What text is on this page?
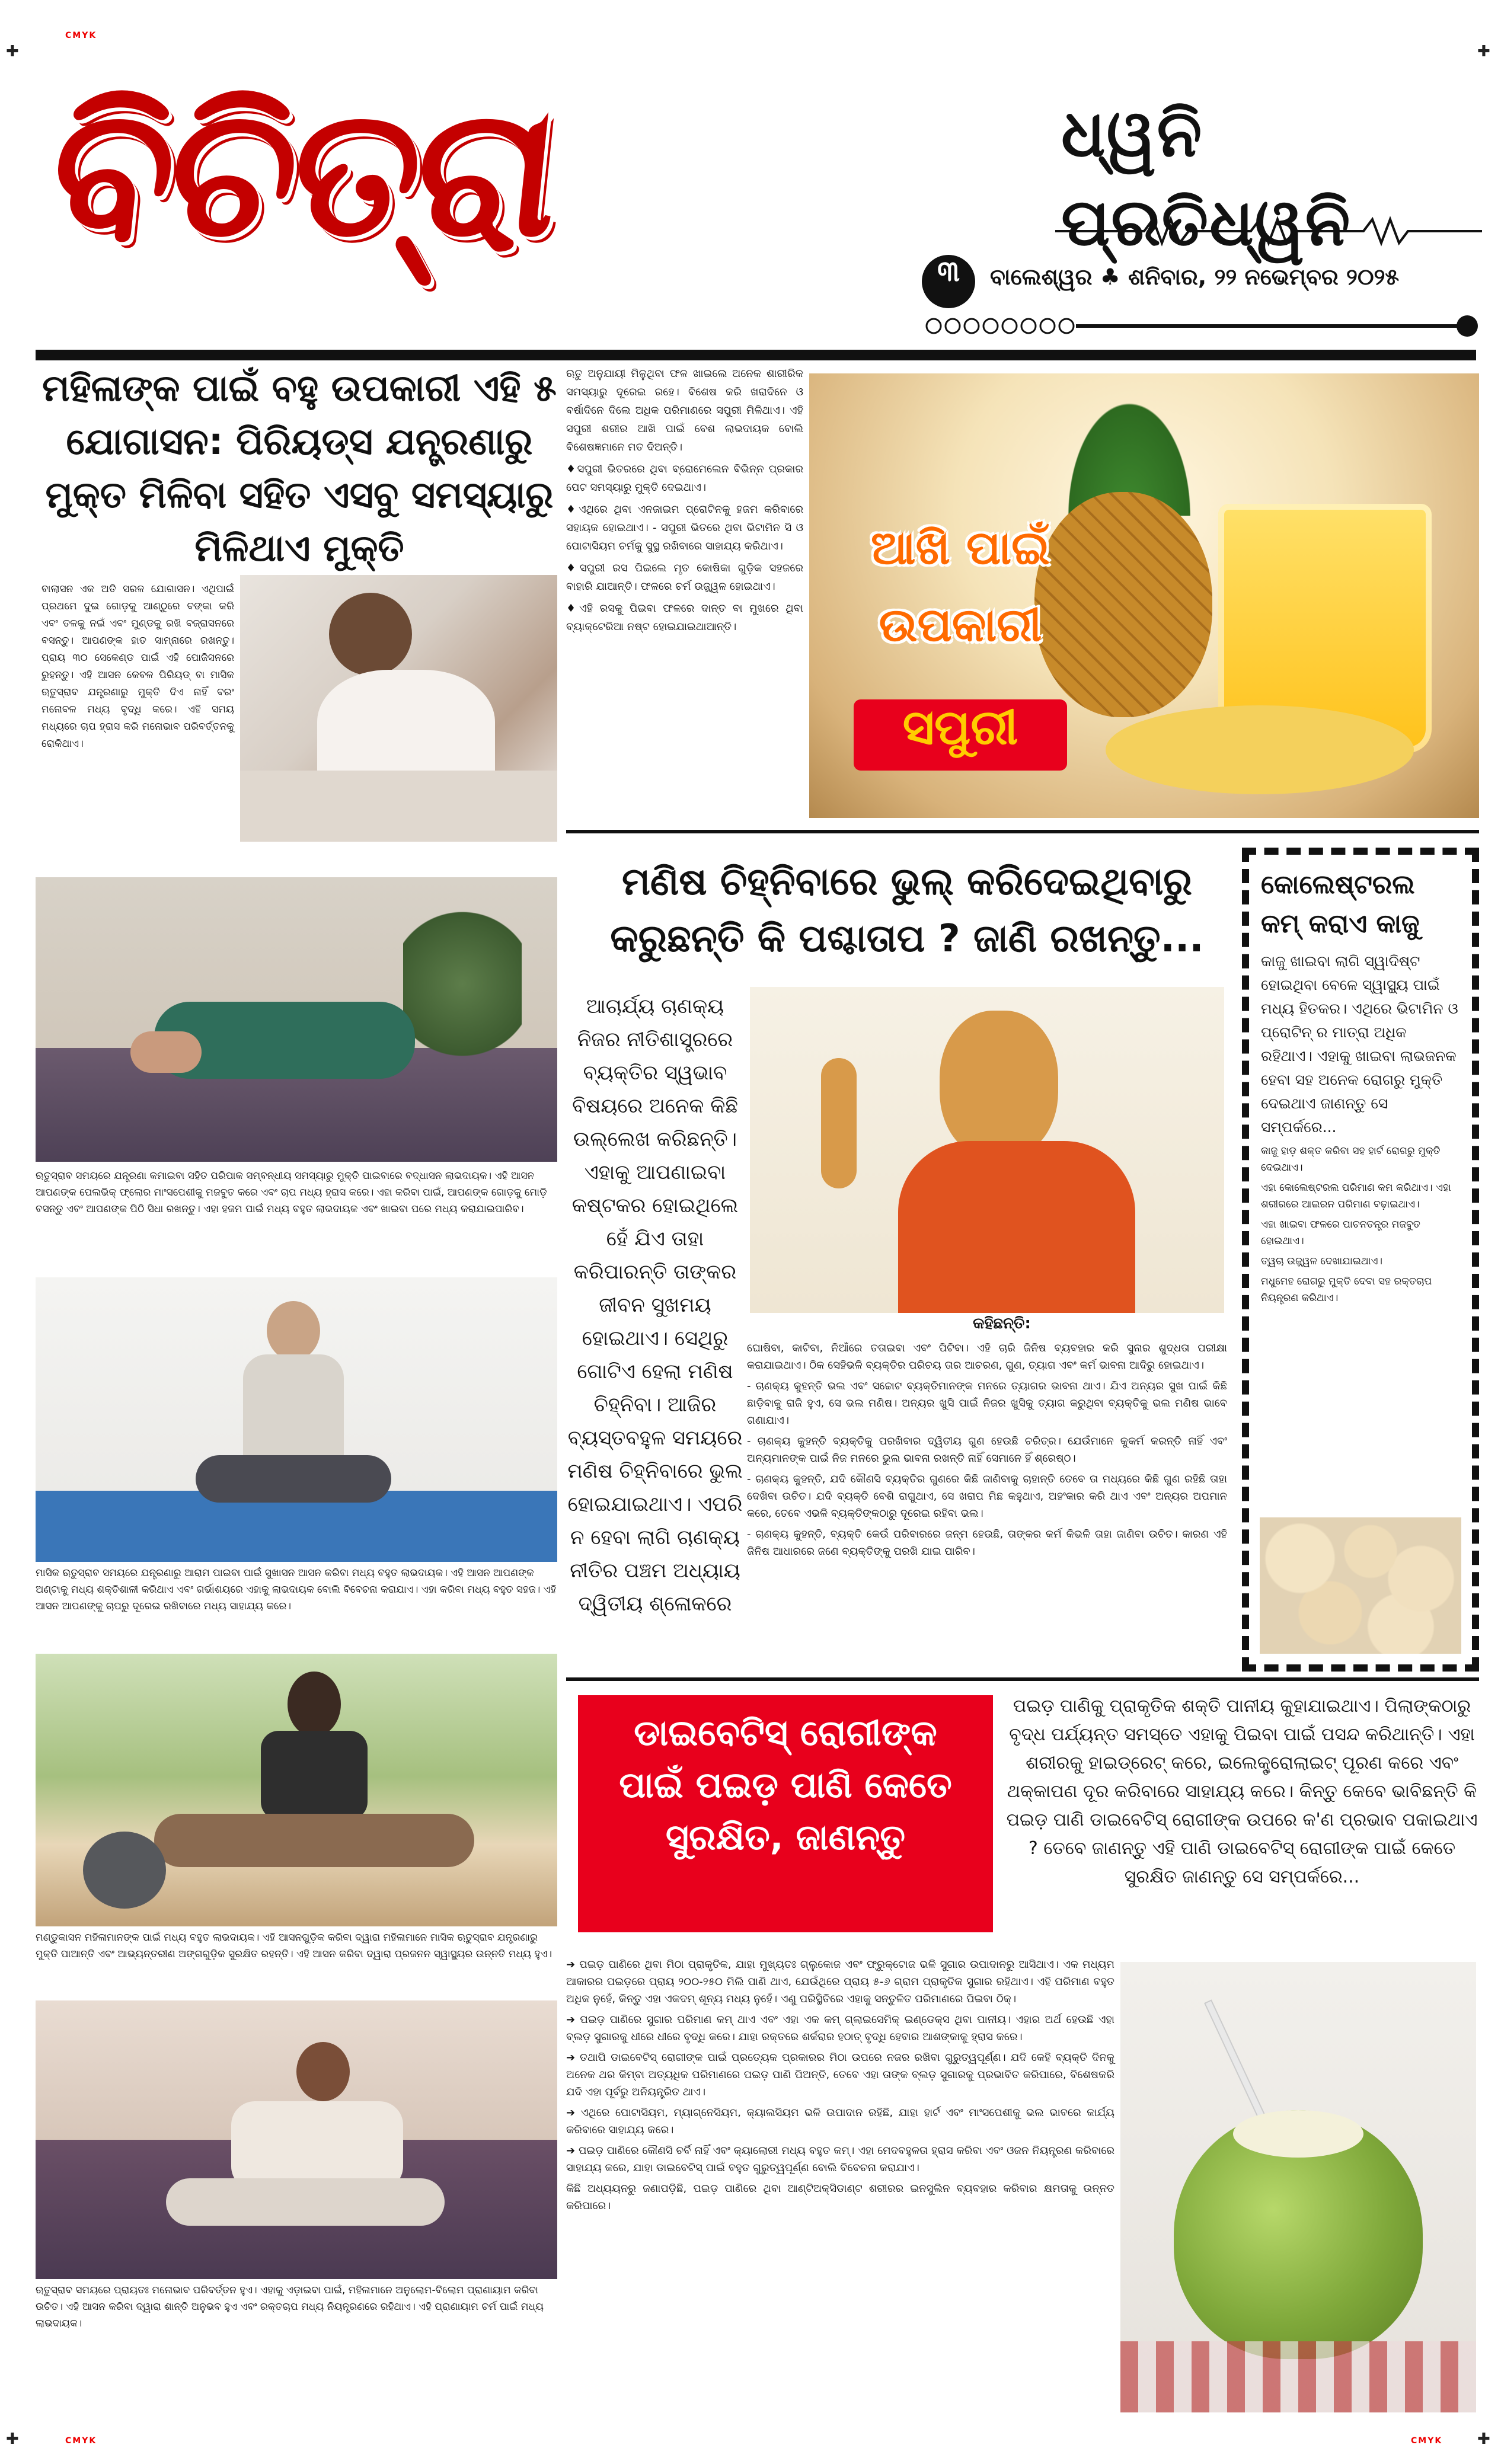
✚	✚
✚	✚
CMYK
CMYK	CMYK
ବିଚିତ୍ରା	ଧ୍ୱନି ପ୍ରତିଧ୍ୱନି
୩	ବାଲେଶ୍ୱର ♣ ଶନିବାର, ୨୨ ନଭେମ୍ବର ୨୦୨୫
ମହିଳାଙ୍କ ପାଇଁ ବହୁ ଉପକାରୀ ଏହି ୫ ଯୋଗାସନ: ପିରିୟଡ୍ସ ଯନ୍ତ୍ରଣାରୁ ମୁକ୍ତ ମିଳିବା ସହିତ ଏସବୁ ସମସ୍ୟାରୁ ମିଳିଥାଏ ମୁକ୍ତି
ବାଲାସନ ଏକ ଅତି ସରଳ ଯୋଗାସନ। ଏଥିପାଇଁ ପ୍ରଥମେ ଦୁଇ ଗୋଡ଼କୁ ଆଣ୍ଠୁରେ ବଙ୍କା କରି ଏବଂ ତଳକୁ ନଇଁ ଏବଂ ମୁଣ୍ଡକୁ ରଖି ବଜ୍ରାସନରେ ବସନ୍ତୁ। ଆପଣଙ୍କ ହାତ ସାମ୍ନାରେ ରଖନ୍ତୁ। ପ୍ରାୟ ୩୦ ସେକେଣ୍ଡ ପାଇଁ ଏହି ପୋଜିସନରେ ରୁହନ୍ତୁ। ଏହି ଆସନ କେବଳ ପିରିୟଡ୍ ବା ମାସିକ ଋତୁସ୍ରାବ ଯନ୍ତ୍ରଣାରୁ ମୁକ୍ତି ଦିଏ ନାହିଁ ବରଂ ମନୋବଳ ମଧ୍ୟ ବୃଦ୍ଧି କରେ। ଏହି ସମୟ ମଧ୍ୟରେ ଚାପ ହ୍ରାସ କରି ମନୋଭାବ ପରିବର୍ତ୍ତନକୁ ରୋକିଥାଏ।
ଋତୁସ୍ରାବ ସମୟରେ ଯନ୍ତ୍ରଣା କମାଇବା ସହିତ ପରିପାକ ସମ୍ବନ୍ଧୀୟ ସମସ୍ୟାରୁ ମୁକ୍ତି ପାଇବାରେ ବଦ୍ଧାସନ ଲାଭଦାୟକ। ଏହି ଆସନ ଆପଣଙ୍କ ପେଲଭିକ୍ ଫ୍ଲୋର ମାଂସପେଶୀକୁ ମଜବୁତ କରେ ଏବଂ ଚାପ ମଧ୍ୟ ହ୍ରାସ କରେ। ଏହା କରିବା ପାଇଁ, ଆପଣଙ୍କ ଗୋଡ଼କୁ ମୋଡ଼ି ବସନ୍ତୁ ଏବଂ ଆପଣଙ୍କ ପିଠି ସିଧା ରଖନ୍ତୁ। ଏହା ହଜମ ପାଇଁ ମଧ୍ୟ ବହୁତ ଲାଭଦାୟକ ଏବଂ ଖାଇବା ପରେ ମଧ୍ୟ କରାଯାଇପାରିବ।
ମାସିକ ଋତୁସ୍ରାବ ସମୟରେ ଯନ୍ତ୍ରଣାରୁ ଆରାମ ପାଇବା ପାଇଁ ସୁଖାସନ ଆସନ କରିବା ମଧ୍ୟ ବହୁତ ଲାଭଦାୟକ। ଏହି ଆସନ ଆପଣଙ୍କ ଅଣ୍ଟାକୁ ମଧ୍ୟ ଶକ୍ତିଶାଳୀ କରିଥାଏ ଏବଂ ଗର୍ଭାଶୟରେ ଏହାକୁ ଲାଭଦାୟକ ବୋଲି ବିବେଚନା କରାଯାଏ। ଏହା କରିବା ମଧ୍ୟ ବହୁତ ସହଜ। ଏହି ଆସନ ଆପଣଙ୍କୁ ଚାପରୁ ଦୂରେଇ ରଖିବାରେ ମଧ୍ୟ ସାହାଯ୍ୟ କରେ।
ମଣ୍ଡୁକାସନ ମହିଳାମାନଙ୍କ ପାଇଁ ମଧ୍ୟ ବହୁତ ଲାଭଦାୟକ। ଏହି ଆସନଗୁଡ଼ିକ କରିବା ଦ୍ୱାରା ମହିଳାମାନେ ମାସିକ ଋତୁସ୍ରାବ ଯନ୍ତ୍ରଣାରୁ ମୁକ୍ତି ପାଆନ୍ତି ଏବଂ ଆଭ୍ୟନ୍ତରୀଣ ଅଙ୍ଗଗୁଡ଼ିକ ସୁରକ୍ଷିତ ରହନ୍ତି। ଏହି ଆସନ କରିବା ଦ୍ୱାରା ପ୍ରଜନନ ସ୍ୱାସ୍ଥ୍ୟର ଉନ୍ନତି ମଧ୍ୟ ହୁଏ।
ଋତୁସ୍ରାବ ସମୟରେ ପ୍ରାୟତଃ ମନୋଭାବ ପରିବର୍ତ୍ତନ ହୁଏ। ଏହାକୁ ଏଡ଼ାଇବା ପାଇଁ, ମହିଳାମାନେ ଅନୁଲୋମ-ବିଲୋମ ପ୍ରାଣାୟାମ କରିବା ଉଚିତ। ଏହି ଆସନ କରିବା ଦ୍ୱାରା ଶାନ୍ତି ଅନୁଭବ ହୁଏ ଏବଂ ରକ୍ତଚାପ ମଧ୍ୟ ନିୟନ୍ତ୍ରଣରେ ରହିଥାଏ। ଏହି ପ୍ରାଣାୟାମ ଚର୍ମ ପାଇଁ ମଧ୍ୟ ଲାଭଦାୟକ।

ଋତୁ ଅନୁଯାୟୀ ମିଳୁଥିବା ଫଳ ଖାଇଲେ ଅନେକ ଶାରୀରିକ ସମସ୍ୟାରୁ ଦୂରେଇ ରହେ। ବିଶେଷ କରି ଖରାଦିନେ ଓ ବର୍ଷାଦିନେ ଦିଲେ ଅଧିକ ପରିମାଣରେ ସପୁରୀ ମିଳିଥାଏ। ଏହି ସପୁରୀ ଶରୀର ଆଖି ପାଇଁ ବେଶ ଲାଭଦାୟକ ବୋଲି ବିଶେଷଜ୍ଞମାନେ ମତ ଦିଅନ୍ତି।

♦ସପୁରୀ ଭିତରରେ ଥିବା ବ୍ରୋମେଲେନ ବିଭିନ୍ନ ପ୍ରକାର ପେଟ ସମସ୍ୟାରୁ ମୁକ୍ତି ଦେଇଥାଏ।

♦ଏଥିରେ ଥିବା ଏନଜାଇମ ପ୍ରୋଟିନକୁ ହଜମ କରିବାରେ ସହାୟକ ହୋଇଥାଏ। - ସପୁରୀ ଭିତରେ ଥିବା ଭିଟାମିନ ସି ଓ ପୋଟାସିୟମ ଚର୍ମକୁ ସୁସ୍ଥ ରଖିବାରେ ସାହାଯ୍ୟ କରିଥାଏ।

♦ସପୁରୀ ରସ ପିଇଲେ ମୃତ କୋଷିକା ଗୁଡ଼ିକ ସହଜରେ ବାହାରି ଯାଆନ୍ତି। ଫଳରେ ଚର୍ମ ଉଜ୍ଜ୍ୱଳ ହୋଇଥାଏ।

♦ଏହି ରସକୁ ପିଇବା ଫଳରେ ଦାନ୍ତ ବା ମୁଖରେ ଥିବା ବ୍ୟାକ୍ଟେରିଆ ନଷ୍ଟ ହୋଇଯାଇଥାଆନ୍ତି।

ଆଖି ପାଇଁ
ଉପକାରୀ
ସପୁରୀ
ମଣିଷ ଚିହ୍ନିବାରେ ଭୁଲ୍ କରିଦେଇଥିବାରୁ କରୁଛନ୍ତି କି ପଶ୍ଚାତାପ ? ଜାଣି ରଖନ୍ତୁ...
ଆଚାର୍ଯ୍ୟ ଚାଣକ୍ୟ ନିଜର ନୀତିଶାସ୍ତ୍ରରେ ବ୍ୟକ୍ତିର ସ୍ୱଭାବ ବିଷୟରେ ଅନେକ କିଛି ଉଲ୍ଲେଖ କରିଛନ୍ତି। ଏହାକୁ ଆପଣାଇବା କଷ୍ଟକର ହୋଇଥିଲେ ହେଁ ଯିଏ ତାହା କରିପାରନ୍ତି ତାଙ୍କର ଜୀବନ ସୁଖମୟ ହୋଇଥାଏ। ସେଥିରୁ ଗୋଟିଏ ହେଲା ମଣିଷ ଚିହ୍ନିବା। ଆଜିର ବ୍ୟସ୍ତବହୁଳ ସମୟରେ ମଣିଷ ଚିହ୍ନିବାରେ ଭୁଲ ହୋଇଯାଇଥାଏ। ଏପରି ନ ହେବା ଲାଗି ଚାଣକ୍ୟ ନୀତିର ପଞ୍ଚମ ଅଧ୍ୟାୟ ଦ୍ୱିତୀୟ ଶ୍ଳୋକରେ
କହିଛନ୍ତି:

ଘୋଷିବା, କାଟିବା, ନିଆଁରେ ତତାଇବା ଏବଂ ପିଟିବା। ଏହି ଚାରି ଜିନିଷ ବ୍ୟବହାର କରି ସୁନାର ଶୁଦ୍ଧତା ପରୀକ୍ଷା କରାଯାଇଥାଏ। ଠିକ ସେହିଭଳି ବ୍ୟକ୍ତିର ପରିଚୟ ତାର ଆଚରଣ, ଗୁଣ, ତ୍ୟାଗ ଏବଂ କର୍ମ ଭାବନା ଆଦିରୁ ହୋଇଥାଏ।

- ଚାଣକ୍ୟ କୁହନ୍ତି ଭଲ ଏବଂ ସଚ୍ଚୋଟ ବ୍ୟକ୍ତିମାନଙ୍କ ମନରେ ତ୍ୟାଗର ଭାବନା ଥାଏ। ଯିଏ ଅନ୍ୟର ସୁଖ ପାଇଁ କିଛି ଛାଡ଼ିବାକୁ ରାଜି ହୁଏ, ସେ ଭଲ ମଣିଷ। ଅନ୍ୟର ଖୁସି ପାଇଁ ନିଜର ଖୁସିକୁ ତ୍ୟାଗ କରୁଥିବା ବ୍ୟକ୍ତିକୁ ଭଲ ମଣିଷ ଭାବେ ଗଣାଯାଏ।

- ଚାଣକ୍ୟ କୁହନ୍ତି ବ୍ୟକ୍ତିକୁ ପରଖିବାର ଦ୍ୱିତୀୟ ଗୁଣ ହେଉଛି ଚରିତ୍ର। ଯେଉଁମାନେ କୁକର୍ମ କରନ୍ତି ନାହିଁ ଏବଂ ଅନ୍ୟମାନଙ୍କ ପାଇଁ ନିଜ ମନରେ ଭୁଲ ଭାବନା ରଖନ୍ତି ନାହିଁ ସେମାନେ ହିଁ ଶ୍ରେଷ୍ଠ।

- ଚାଣକ୍ୟ କୁହନ୍ତି, ଯଦି କୌଣସି ବ୍ୟକ୍ତିର ଗୁଣରେ କିଛି ଜାଣିବାକୁ ଚାହାନ୍ତି ତେବେ ତା ମଧ୍ୟରେ କିଛି ଗୁଣ ରହିଛି ତାହା ଦେଖିବା ଉଚିତ। ଯଦି ବ୍ୟକ୍ତି ବେଶି ରାଗୁଥାଏ, ସେ ଖରାପ ମିଛ କହୁଥାଏ, ଅହଂକାର କରି ଥାଏ ଏବଂ ଅନ୍ୟର ଅପମାନ କରେ, ତେବେ ଏଭଳି ବ୍ୟକ୍ତିଙ୍କଠାରୁ ଦୂରେଇ ରହିବା ଭଲ।

- ଚାଣକ୍ୟ କୁହନ୍ତି, ବ୍ୟକ୍ତି କେଉଁ ପରିବାରରେ ଜନ୍ମ ହେଉଛି, ତାଙ୍କର କର୍ମ କିଭଳି ତାହା ଜାଣିବା ଉଚିତ। କାରଣ ଏହି ଜିନିଷ ଆଧାରରେ ଜଣେ ବ୍ୟକ୍ତିଙ୍କୁ ପରଖି ଯାଇ ପାରିବ।

କୋଲେଷ୍ଟରଲ କମ୍ କରାଏ କାଜୁ

କାଜୁ ଖାଇବା ଲାଗି ସ୍ୱାଦିଷ୍ଟ ହୋଇଥିବା ବେଳେ ସ୍ୱାସ୍ଥ୍ୟ ପାଇଁ ମଧ୍ୟ ହିତକର। ଏଥିରେ ଭିଟାମିନ ଓ ପ୍ରୋଟିନ୍ ର ମାତ୍ରା ଅଧିକ ରହିଥାଏ। ଏହାକୁ ଖାଇବା ଲାଭଜନକ ହେବା ସହ ଅନେକ ରୋଗରୁ ମୁକ୍ତି ଦେଇଥାଏ ଜାଣନ୍ତୁ ସେ ସମ୍ପର୍କରେ...

କାଜୁ ହାଡ଼ ଶକ୍ତ କରିବା ସହ ହାର୍ଟ ରୋଗରୁ ମୁକ୍ତି ଦେଇଥାଏ।

ଏହା କୋଲେଷ୍ଟରଲ ପରିମାଣ କମ କରିଥାଏ। ଏହା ଶରୀରରେ ଆଇରନ ପରିମାଣ ବଢ଼ାଇଥାଏ।

ଏହା ଖାଇବା ଫଳରେ ପାଚନତନ୍ତ୍ର ମଜବୁତ ହୋଇଥାଏ।

ତ୍ୱଚା ଉଜ୍ଜ୍ୱଳ ଦେଖାଯାଇଥାଏ।

ମଧୁମେହ ରୋଗରୁ ମୁକ୍ତି ଦେବା ସହ ରକ୍ତଚାପ ନିୟନ୍ତ୍ରଣ କରିଥାଏ।

ଡାଇବେଟିସ୍ ରୋଗୀଙ୍କ ପାଇଁ ପଇଡ଼ ପାଣି କେତେ ସୁରକ୍ଷିତ, ଜାଣନ୍ତୁ
ପଇଡ଼ ପାଣିକୁ ପ୍ରାକୃତିକ ଶକ୍ତି ପାନୀୟ କୁହାଯାଇଥାଏ। ପିଲାଙ୍କଠାରୁ ବୃଦ୍ଧ ପର୍ଯ୍ୟନ୍ତ ସମସ୍ତେ ଏହାକୁ ପିଇବା ପାଇଁ ପସନ୍ଦ କରିଥାନ୍ତି। ଏହା ଶରୀରକୁ ହାଇଡ୍ରେଟ୍ କରେ, ଇଲେକ୍ଟ୍ରୋଲାଇଟ୍ ପୂରଣ କରେ ଏବଂ ଥକ୍କାପଣ ଦୂର କରିବାରେ ସାହାଯ୍ୟ କରେ। କିନ୍ତୁ କେବେ ଭାବିଛନ୍ତି କି ପଇଡ଼ ପାଣି ଡାଇବେଟିସ୍ ରୋଗୀଙ୍କ ଉପରେ କ'ଣ ପ୍ରଭାବ ପକାଇଥାଏ ? ତେବେ ଜାଣନ୍ତୁ ଏହି ପାଣି ଡାଇବେଟିସ୍ ରୋଗୀଙ୍କ ପାଇଁ କେତେ ସୁରକ୍ଷିତ ଜାଣନ୍ତୁ ସେ ସମ୍ପର୍କରେ...

➔ ପଇଡ଼ ପାଣିରେ ଥିବା ମିଠା ପ୍ରାକୃତିକ, ଯାହା ମୁଖ୍ୟତଃ ଗ୍ଲୁକୋଜ ଏବଂ ଫ୍ରୁକ୍ଟୋଜ ଭଳି ସୁଗାର ଉପାଦାନରୁ ଆସିଥାଏ। ଏକ ମଧ୍ୟମ ଆକାରର ପଇଡ଼ରେ ପ୍ରାୟ ୨୦୦-୨୫୦ ମିଲି ପାଣି ଥାଏ, ଯେଉଁଥିରେ ପ୍ରାୟ ୫-୬ ଗ୍ରାମ ପ୍ରାକୃତିକ ସୁଗାର ରହିଥାଏ। ଏହି ପରିମାଣ ବହୁତ ଅଧିକ ନୁହେଁ, କିନ୍ତୁ ଏହା ଏକଦମ୍ ଶୂନ୍ୟ ମଧ୍ୟ ନୁହେଁ। ଏଣୁ ପରିସ୍ଥିତିରେ ଏହାକୁ ସନ୍ତୁଳିତ ପରିମାଣରେ ପିଇବା ଠିକ୍।

➔ ପଇଡ଼ ପାଣିରେ ସୁଗାର ପରିମାଣ କମ୍ ଥାଏ ଏବଂ ଏହା ଏକ କମ୍ ଗ୍ଲାଇସେମିକ୍ ଇଣ୍ଡେକ୍ସ ଥିବା ପାନୀୟ। ଏହାର ଅର୍ଥ ହେଉଛି ଏହା ବ୍ଲଡ଼ ସୁଗାରକୁ ଧୀରେ ଧୀରେ ବୃଦ୍ଧି କରେ। ଯାହା ରକ୍ତରେ ଶର୍କରାର ହଠାତ୍ ବୃଦ୍ଧି ହେବାର ଆଶଙ୍କାକୁ ହ୍ରାସ କରେ।

➔ ତଥାପି ଡାଇବେଟିସ୍ ରୋଗୀଙ୍କ ପାଇଁ ପ୍ରତ୍ୟେକ ପ୍ରକାରର ମିଠା ଉପରେ ନଜର ରଖିବା ଗୁରୁତ୍ୱପୂର୍ଣ୍ଣ। ଯଦି କେହି ବ୍ୟକ୍ତି ଦିନକୁ ଅନେକ ଥର କିମ୍ବା ଅତ୍ୟଧିକ ପରିମାଣରେ ପଇଡ଼ ପାଣି ପିଅନ୍ତି, ତେବେ ଏହା ତାଙ୍କ ବ୍ଲଡ଼ ସୁଗାରକୁ ପ୍ରଭାବିତ କରିପାରେ, ବିଶେଷକରି ଯଦି ଏହା ପୂର୍ବରୁ ଅନିୟନ୍ତ୍ରିତ ଥାଏ।

➔ ଏଥିରେ ପୋଟାସିୟମ, ମ୍ୟାଗ୍ନେସିୟମ, କ୍ୟାଲସିୟମ ଭଳି ଉପାଦାନ ରହିଛି, ଯାହା ହାର୍ଟ ଏବଂ ମାଂସପେଶୀକୁ ଭଲ ଭାବରେ କାର୍ଯ୍ୟ କରିବାରେ ସାହାଯ୍ୟ କରେ।

➔ ପଇଡ଼ ପାଣିରେ କୌଣସି ଚର୍ବି ନାହିଁ ଏବଂ କ୍ୟାଲୋରୀ ମଧ୍ୟ ବହୁତ କମ୍। ଏହା ମେଦବହୁଳତା ହ୍ରାସ କରିବା ଏବଂ ଓଜନ ନିୟନ୍ତ୍ରଣ କରିବାରେ ସାହାଯ୍ୟ କରେ, ଯାହା ଡାଇବେଟିସ୍ ପାଇଁ ବହୁତ ଗୁରୁତ୍ୱପୂର୍ଣ୍ଣ ବୋଲି ବିବେଚନା କରାଯାଏ।

କିଛି ଅଧ୍ୟୟନରୁ ଜଣାପଡ଼ିଛି, ପଇଡ଼ ପାଣିରେ ଥିବା ଆଣ୍ଟିଅକ୍ସିଡାଣ୍ଟ ଶରୀରର ଇନସୁଲିନ ବ୍ୟବହାର କରିବାର କ୍ଷମତାକୁ ଉନ୍ନତ କରିପାରେ।
